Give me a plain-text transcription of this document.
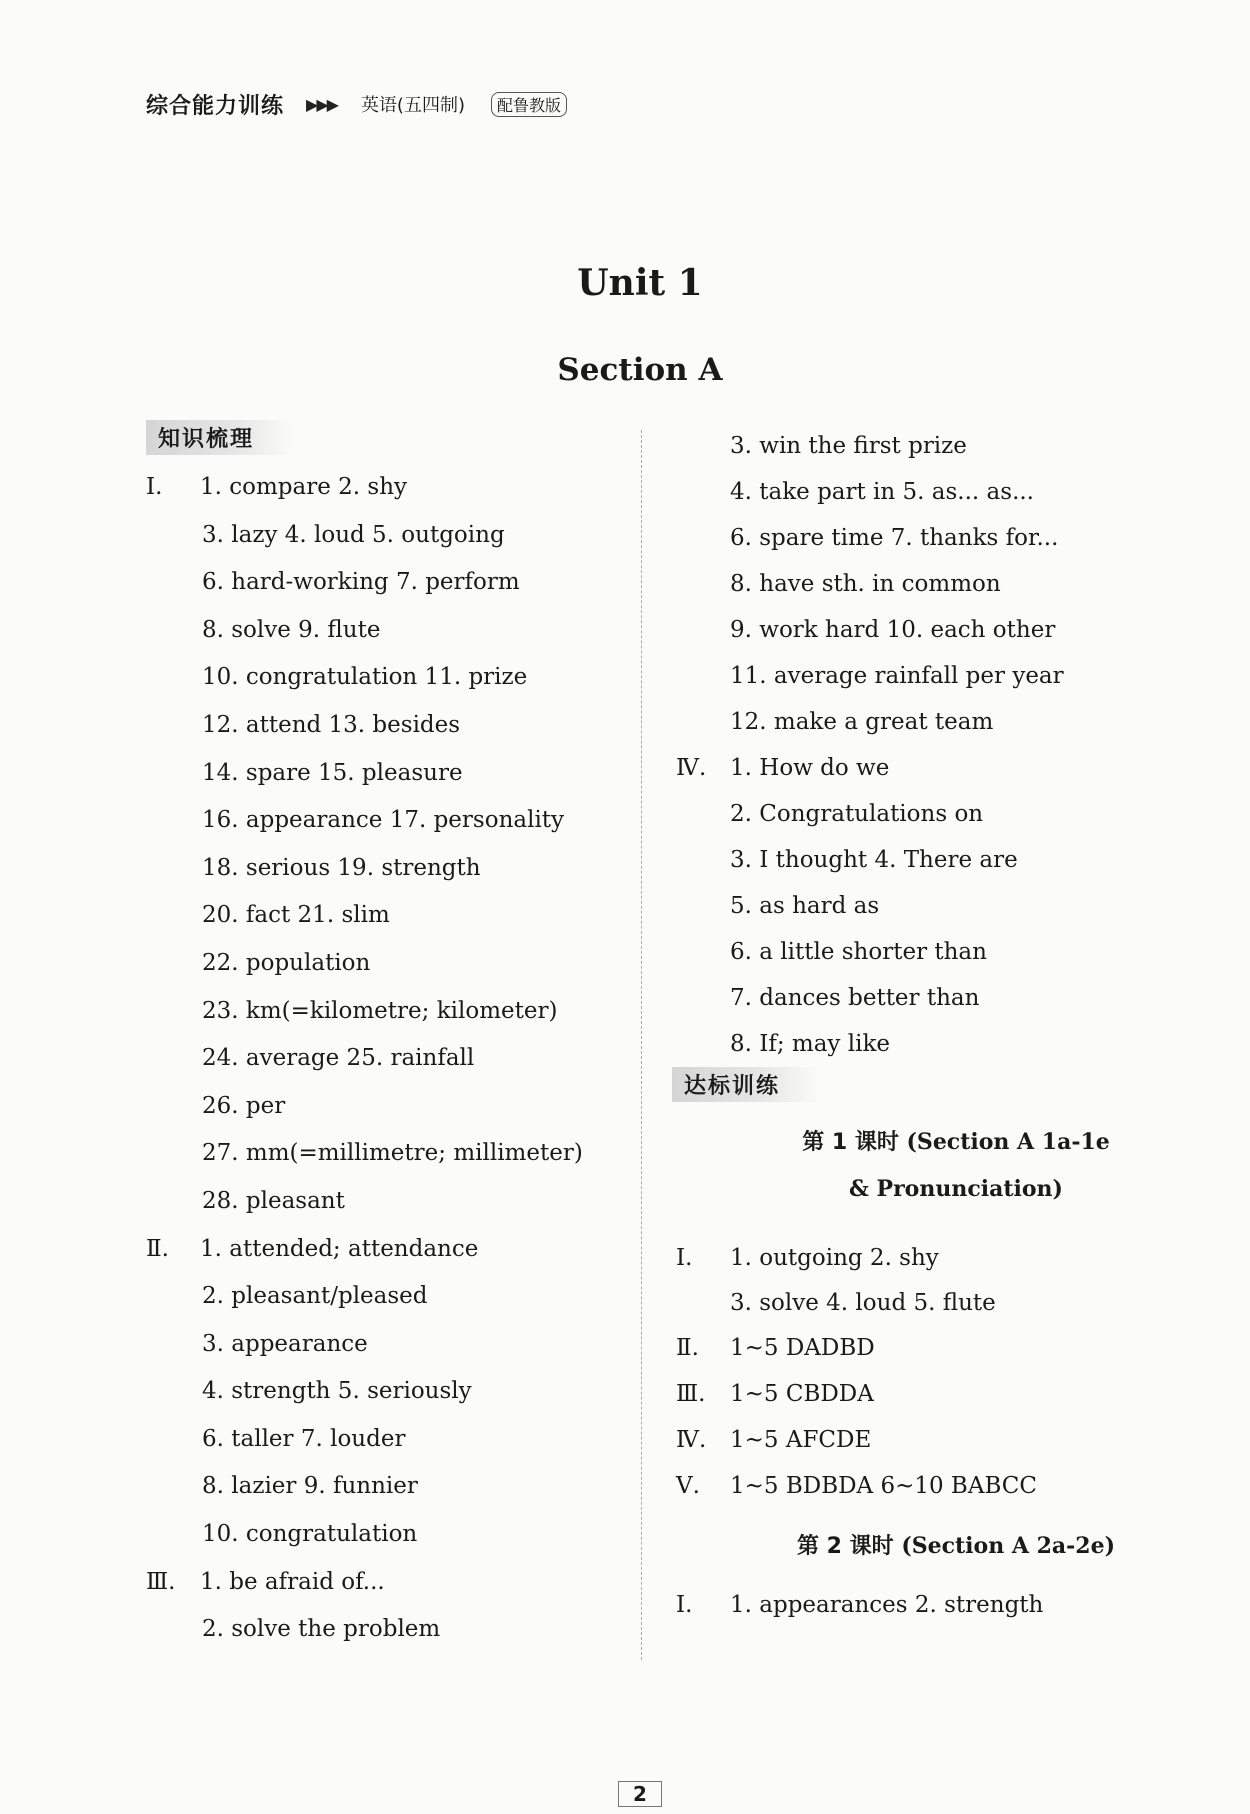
综合能力训练 ▶▶▶ 英语(五四制)	配鲁教版
Unit 1
Section A
知识梳理
Ⅰ.	1. compare 2. shy
3. lazy 4. loud 5. outgoing
6. hard-working 7. perform
8. solve 9. flute
10. congratulation 11. prize
12. attend 13. besides
14. spare 15. pleasure
16. appearance 17. personality
18. serious 19. strength
20. fact 21. slim
22. population
23. km(=kilometre; kilometer)
24. average 25. rainfall
26. per
27. mm(=millimetre; millimeter)
28. pleasant
Ⅱ.	1. attended; attendance
2. pleasant/pleased
3. appearance
4. strength 5. seriously
6. taller 7. louder
8. lazier 9. funnier
10. congratulation
Ⅲ.	1. be afraid of...
2. solve the problem
3. win the first prize
4. take part in 5. as... as...
6. spare time 7. thanks for...
8. have sth. in common
9. work hard 10. each other
11. average rainfall per year
12. make a great team
Ⅳ.	1. How do we
2. Congratulations on
3. I thought 4. There are
5. as hard as
6. a little shorter than
7. dances better than
8. If; may like
达标训练
第 1 课时 (Section A 1a-1e
& Pronunciation)
Ⅰ.	1. outgoing 2. shy
3. solve 4. loud 5. flute
Ⅱ.	1~5 DADBD
Ⅲ.	1~5 CBDDA
Ⅳ.	1~5 AFCDE
Ⅴ.	1~5 BDBDA 6~10 BABCC
第 2 课时 (Section A 2a-2e)
Ⅰ.	1. appearances 2. strength
2
